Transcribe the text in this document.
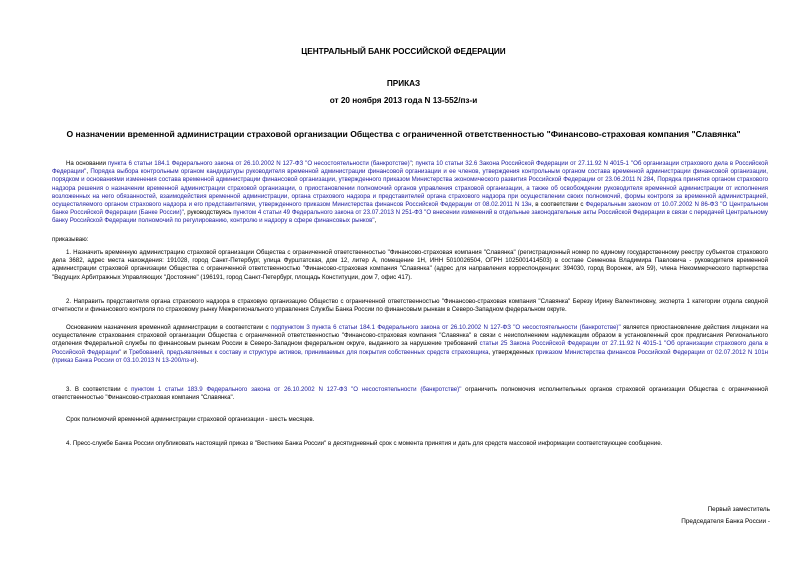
ЦЕНТРАЛЬНЫЙ БАНК РОССИЙСКОЙ ФЕДЕРАЦИИ
ПРИКАЗ
от 20 ноября 2013 года N 13-552/пз-и
О назначении временной администрации страховой организации Общества с ограниченной ответственностью "Финансово-страховая компания "Славянка"

На основании пункта 6 статьи 184.1 Федерального закона от 26.10.2002 N 127-ФЗ "О несостоятельности (банкротстве)"; пункта 10 статьи 32.6 Закона Российской Федерации от 27.11.92 N 4015-1 "Об организации страхового дела в Российской Федерации", Порядка выбора контрольным органом кандидатуры руководителя временной администрации финансовой организации и ее членов, утверждения контрольным органом состава временной администрации финансовой организации, порядком и основаниями изменения состава временной администрации финансовой организации, утвержденного приказом Министерства экономического развития Российской Федерации от 23.06.2011 N 284, Порядка принятия органом страхового надзора решения о назначении временной администрации страховой организации, о приостановлении полномочий органов управления страховой организации, а также об освобождении руководителя временной администрации от исполнения возложенных на него обязанностей, взаимодействия временной администрации, органа страхового надзора и представителей органа страхового надзора при осуществлении своих полномочий, формы контроля за временной администрацией, осуществляемого органом страхового надзора и его представителями, утвержденного приказом Министерства финансов Российской Федерации от 08.02.2011 N 13н, в соответствии с Федеральным законом от 10.07.2002 N 86-ФЗ "О Центральном банке Российской Федерации (Банке России)", руководствуясь пунктом 4 статьи 49 Федерального закона от 23.07.2013 N 251-ФЗ "О внесении изменений в отдельные законодательные акты Российской Федерации в связи с передачей Центральному банку Российской Федерации полномочий по регулированию, контролю и надзору в сфере финансовых рынков",

приказываю:

1. Назначить временную администрацию страховой организации Общества с ограниченной ответственностью "Финансово-страховая компания "Славянка" (регистрационный номер по единому государственному реестру субъектов страхового дела 3682, адрес места нахождения: 191028, город Санкт-Петербург, улица Фурштатская, дом 12, литер А, помещение 1Н, ИНН 5010026504, ОГРН 1025001414503) в составе Семенова Владимира Павловича - руководителя временной администрации страховой организации Общества с ограниченной ответственностью "Финансово-страховая компания "Славянка" (адрес для направления корреспонденции: 394030, город Воронеж, а/я 59), члена Некоммерческого партнерства "Ведущих Арбитражных Управляющих "Достояние" (196191, город Санкт-Петербург, площадь Конституции, дом 7, офис 417).

2. Направить представителя органа страхового надзора в страховую организацию Общество с ограниченной ответственностью "Финансово-страховая компания "Славянка" Березу Ирину Валентиновну, эксперта 1 категории отдела сводной отчетности и финансового контроля по страховому рынку Межрегионального управления Службы Банка России по финансовым рынкам в Северо-Западном федеральном округе.

Основанием назначения временной администрации в соответствии с подпунктом 3 пункта 6 статьи 184.1 Федерального закона от 26.10.2002 N 127-ФЗ "О несостоятельности (банкротстве)" является приостановление действия лицензии на осуществление страхования страховой организации Общества с ограниченной ответственностью "Финансово-страховая компания "Славянка" в связи с неисполнением надлежащим образом в установленный срок предписания Регионального отделения Федеральной службы по финансовым рынкам России в Северо-Западном федеральном округе, выданного за нарушение требований статьи 25 Закона Российской Федерации от 27.11.92 N 4015-1 "Об организации страхового дела в Российской Федерации" и Требований, предъявляемых к составу и структуре активов, принимаемых для покрытия собственных средств страховщика, утвержденных приказом Министерства финансов Российской Федерации от 02.07.2012 N 101н (приказ Банка России от 03.10.2013 N 13-200/пз-и).

3. В соответствии с пунктом 1 статьи 183.9 Федерального закона от 26.10.2002 N 127-ФЗ "О несостоятельности (банкротстве)" ограничить полномочия исполнительных органов страховой организации Общества с ограниченной ответственностью "Финансово-страховая компания "Славянка".

Срок полномочий временной администрации страховой организации - шесть месяцев.

4. Пресс-службе Банка России опубликовать настоящий приказ в "Вестнике Банка России" в десятидневный срок с момента принятия и дать для средств массовой информации соответствующее сообщение.

Первый заместитель
Председателя Банка России -
